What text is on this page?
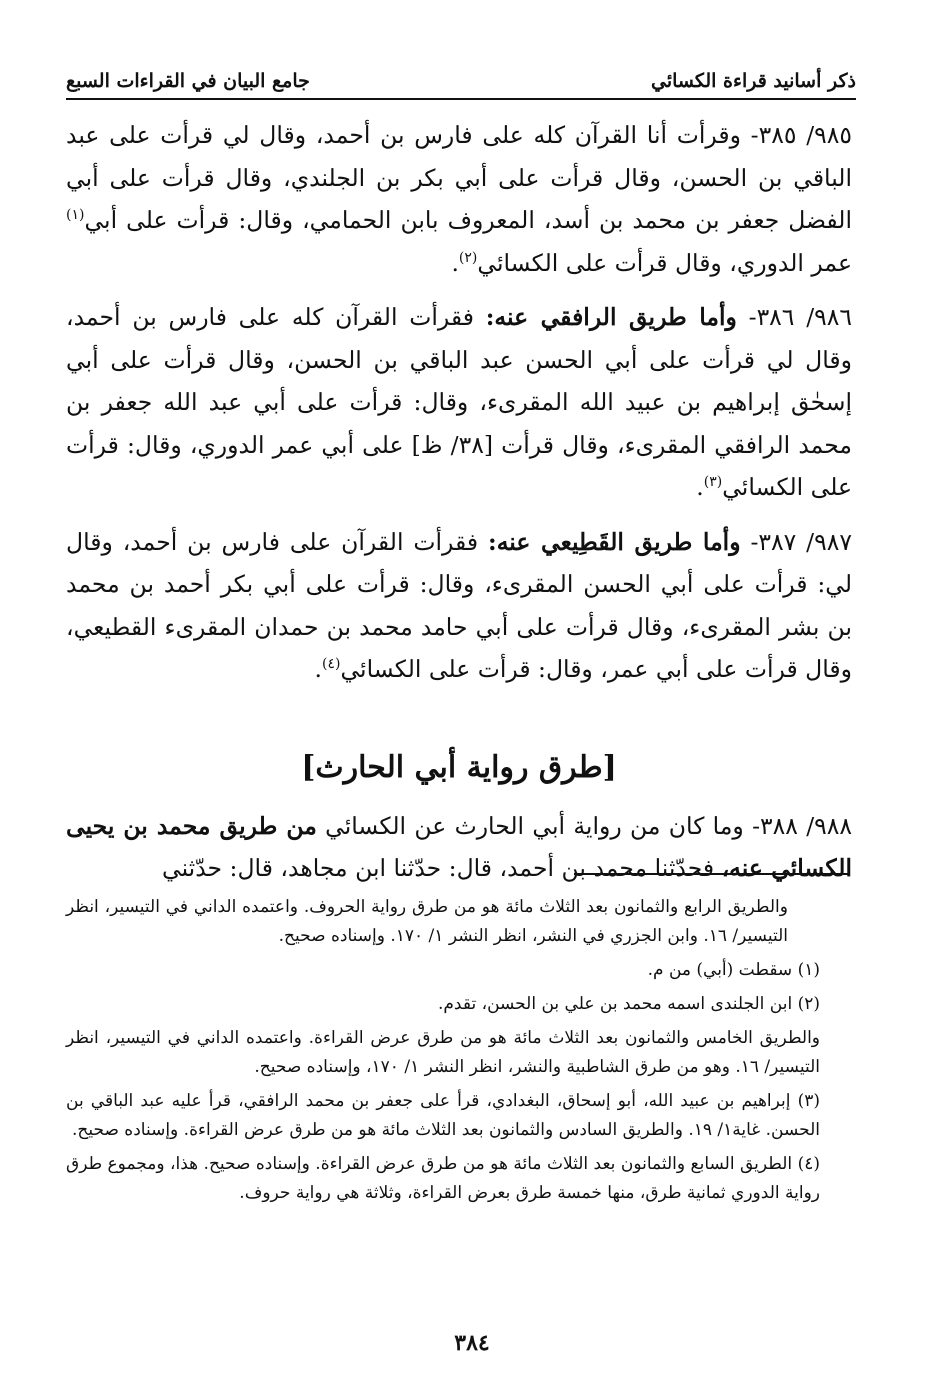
ذكر أسانيد قراءة الكسائي
جامع البيان في القراءات السبع

٩٨٥/ ٣٨٥- وقرأت أنا القرآن كله على فارس بن أحمد، وقال لي قرأت على عبد الباقي بن الحسن، وقال قرأت على أبي بكر بن الجلندي، وقال قرأت على أبي الفضل جعفر بن محمد بن أسد، المعروف بابن الحمامي، وقال: قرأت على أبي$^{(١)}$ عمر الدوري، وقال قرأت على الكسائي$^{(٢)}$.

٩٨٦/ ٣٨٦- وأما طريق الرافقي عنه: فقرأت القرآن كله على فارس بن أحمد، وقال لي قرأت على أبي الحسن عبد الباقي بن الحسن، وقال قرأت على أبي إسحٰق إبراهيم بن عبيد الله المقرىء، وقال: قرأت على أبي عبد الله جعفر بن محمد الرافقي المقرىء، وقال قرأت [٣٨/ ظ] على أبي عمر الدوري، وقال: قرأت على الكسائي$^{(٣)}$.

٩٨٧/ ٣٨٧- وأما طريق القَطِيعي عنه: فقرأت القرآن على فارس بن أحمد، وقال لي: قرأت على أبي الحسن المقرىء، وقال: قرأت على أبي بكر أحمد بن محمد بن بشر المقرىء، وقال قرأت على أبي حامد محمد بن حمدان المقرىء القطيعي، وقال قرأت على أبي عمر، وقال: قرأت على الكسائي$^{(٤)}$.

[طرق رواية أبي الحارث]

٩٨٨/ ٣٨٨- وما كان من رواية أبي الحارث عن الكسائي من طريق محمد بن يحيى الكسائي عنه، فحدّثنا محمد بن أحمد، قال: حدّثنا ابن مجاهد، قال: حدّثني

والطريق الرابع والثمانون بعد الثلاث مائة هو من طرق رواية الحروف. واعتمده الداني في التيسير، انظر التيسير/ ١٦. وابن الجزري في النشر، انظر النشر ١/ ١٧٠. وإسناده صحيح.

(١) سقطت (أبي) من م.

(٢) ابن الجلندى اسمه محمد بن علي بن الحسن، تقدم.

والطريق الخامس والثمانون بعد الثلاث مائة هو من طرق عرض القراءة. واعتمده الداني في التيسير، انظر التيسير/ ١٦. وهو من طرق الشاطبية والنشر، انظر النشر ١/ ١٧٠، وإسناده صحيح.

(٣) إبراهيم بن عبيد الله، أبو إسحاق، البغدادي، قرأ على جعفر بن محمد الرافقي، قرأ عليه عبد الباقي بن الحسن. غاية١/ ١٩. والطريق السادس والثمانون بعد الثلاث مائة هو من طرق عرض القراءة. وإسناده صحيح.

(٤) الطريق السابع والثمانون بعد الثلاث مائة هو من طرق عرض القراءة. وإسناده صحيح. هذا، ومجموع طرق رواية الدوري ثمانية طرق، منها خمسة طرق بعرض القراءة، وثلاثة هي رواية حروف.

٣٨٤
